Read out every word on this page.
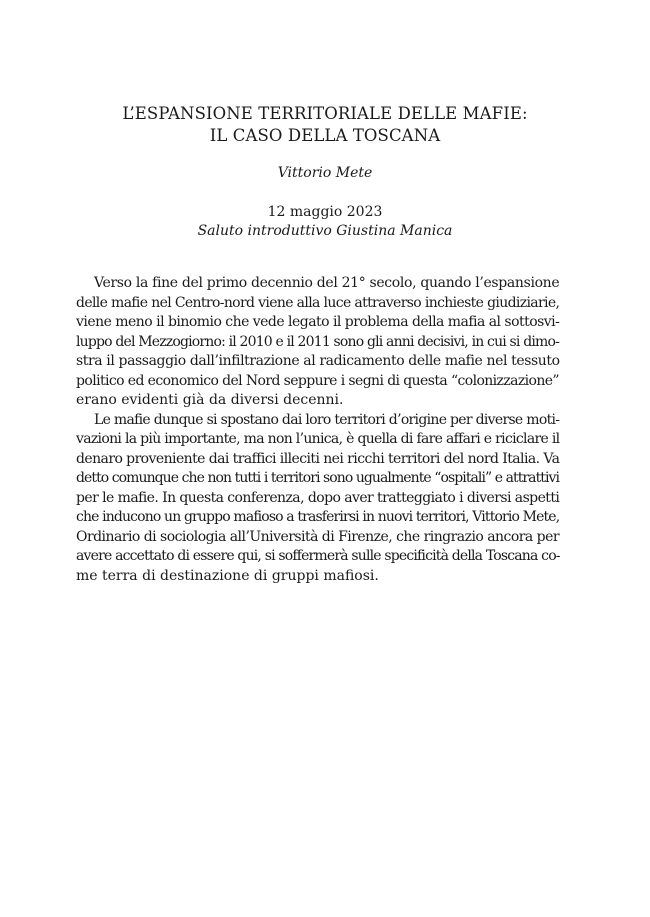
L’ESPANSIONE TERRITORIALE DELLE MAFIE:
IL CASO DELLA TOSCANA
Vittorio Mete
12 maggio 2023
Saluto introduttivo Giustina Manica
Verso la fine del primo decennio del 21° secolo, quando l’espansione
delle mafie nel Centro-nord viene alla luce attraverso inchieste giudiziarie,
viene meno il binomio che vede legato il problema della mafia al sottosvi-
luppo del Mezzogiorno: il 2010 e il 2011 sono gli anni decisivi, in cui si dimo-
stra il passaggio dall’infiltrazione al radicamento delle mafie nel tessuto
politico ed economico del Nord seppure i segni di questa “colonizzazione”
erano evidenti già da diversi decenni.
Le mafie dunque si spostano dai loro territori d’origine per diverse moti-
vazioni la più importante, ma non l’unica, è quella di fare affari e riciclare il
denaro proveniente dai traffici illeciti nei ricchi territori del nord Italia. Va
detto comunque che non tutti i territori sono ugualmente “ospitali” e attrattivi
per le mafie. In questa conferenza, dopo aver tratteggiato i diversi aspetti
che inducono un gruppo mafioso a trasferirsi in nuovi territori, Vittorio Mete,
Ordinario di sociologia all’Università di Firenze, che ringrazio ancora per
avere accettato di essere qui, si soffermerà sulle specificità della Toscana co-
me terra di destinazione di gruppi mafiosi.
